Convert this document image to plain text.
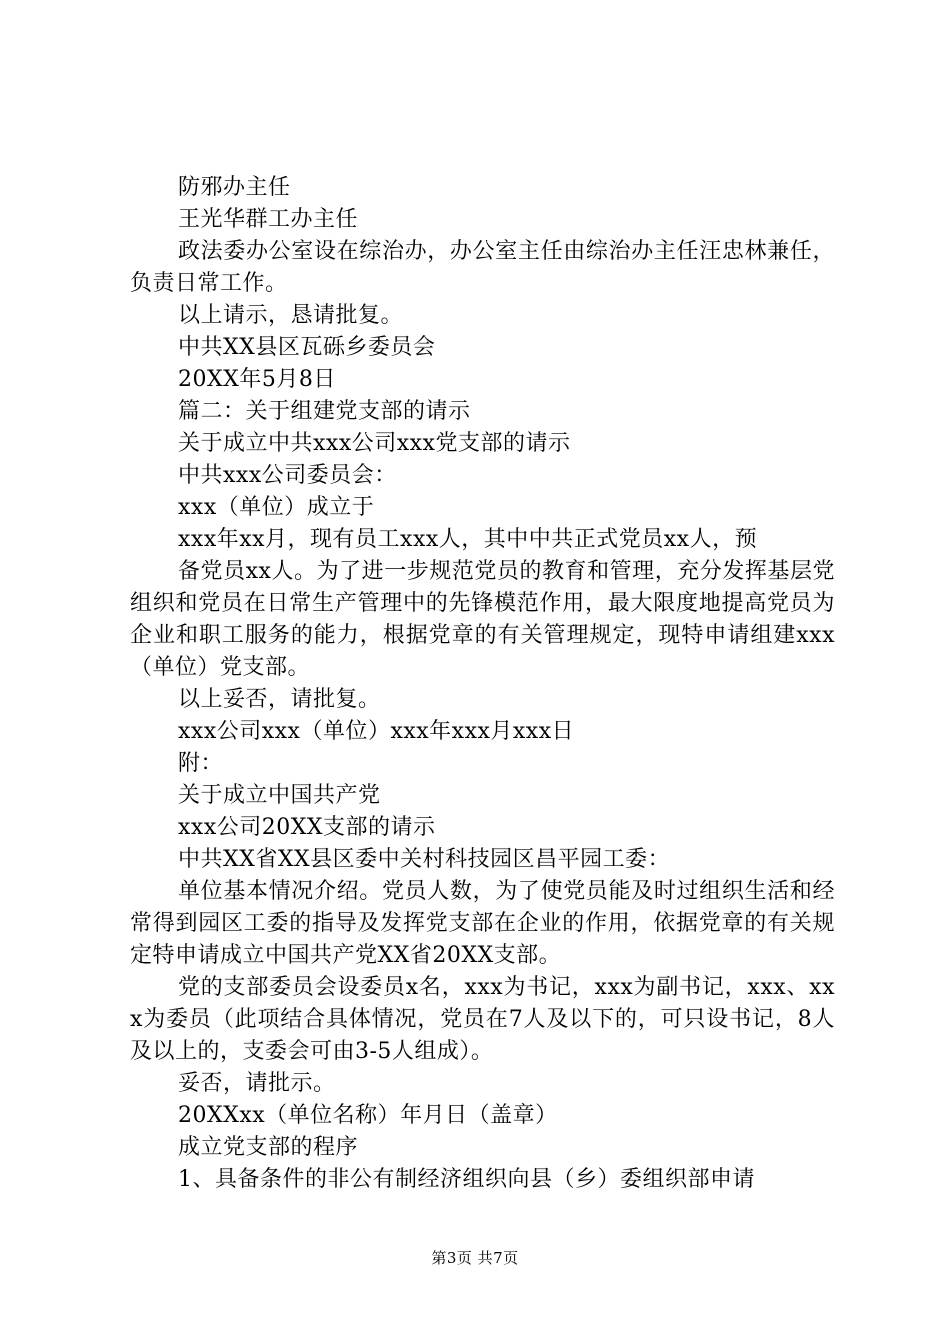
防邪办主任

王光华群工办主任

政法委办公室设在综治办，办公室主任由综治办主任汪忠林兼任，负责日常工作。

以上请示，恳请批复。

中共XX县区瓦砾乡委员会

20XX年5月8日

篇二：关于组建党支部的请示

关于成立中共xxx公司xxx党支部的请示

中共xxx公司委员会：

xxx（单位）成立于

xxx年xx月，现有员工xxx人，其中中共正式党员xx人，预

备党员xx人。为了进一步规范党员的教育和管理，充分发挥基层党组织和党员在日常生产管理中的先锋模范作用，最大限度地提高党员为企业和职工服务的能力，根据党章的有关管理规定，现特申请组建xxx（单位）党支部。

以上妥否，请批复。

xxx公司xxx（单位）xxx年xxx月xxx日

附：

关于成立中国共产党

xxx公司20XX支部的请示

中共XX省XX县区委中关村科技园区昌平园工委：

单位基本情况介绍。党员人数，为了使党员能及时过组织生活和经常得到园区工委的指导及发挥党支部在企业的作用，依据党章的有关规定特申请成立中国共产党XX省20XX支部。

党的支部委员会设委员x名，xxx为书记，xxx为副书记，xxx、xxx为委员（此项结合具体情况，党员在7人及以下的，可只设书记，8人及以上的，支委会可由3-5人组成）。

妥否，请批示。

20XXxx（单位名称）年月日（盖章）

成立党支部的程序

1、具备条件的非公有制经济组织向县（乡）委组织部申请

第3页 共7页
